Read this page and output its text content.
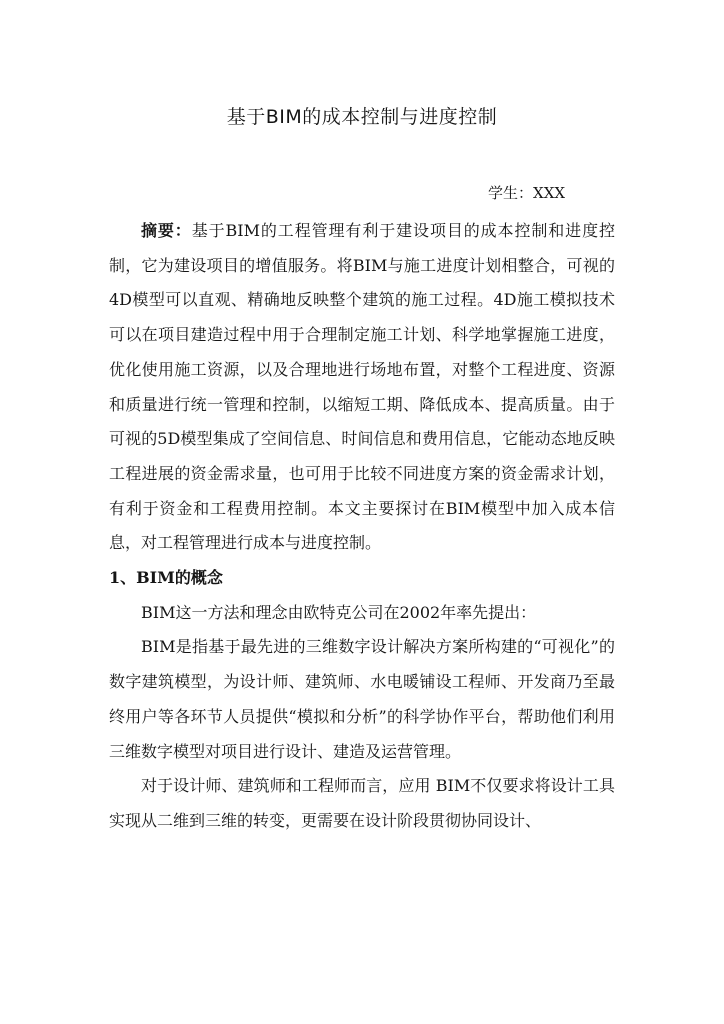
基于BIM的成本控制与进度控制
学生：XXX

摘要：基于BIM的工程管理有利于建设项目的成本控制和进度控制，它为建设项目的增值服务。将BIM与施工进度计划相整合，可视的4D模型可以直观、精确地反映整个建筑的施工过程。4D施工模拟技术可以在项目建造过程中用于合理制定施工计划、科学地掌握施工进度，优化使用施工资源，以及合理地进行场地布置，对整个工程进度、资源和质量进行统一管理和控制，以缩短工期、降低成本、提高质量。由于可视的5D模型集成了空间信息、时间信息和费用信息，它能动态地反映工程进展的资金需求量，也可用于比较不同进度方案的资金需求计划，有利于资金和工程费用控制。本文主要探讨在BIM模型中加入成本信息，对工程管理进行成本与进度控制。

1、BIM的概念

BIM这一方法和理念由欧特克公司在2002年率先提出：

BIM是指基于最先进的三维数字设计解决方案所构建的“可视化”的数字建筑模型，为设计师、建筑师、水电暖铺设工程师、开发商乃至最终用户等各环节人员提供“模拟和分析”的科学协作平台，帮助他们利用三维数字模型对项目进行设计、建造及运营管理。

对于设计师、建筑师和工程师而言，应用 BIM不仅要求将设计工具实现从二维到三维的转变，更需要在设计阶段贯彻协同设计、
